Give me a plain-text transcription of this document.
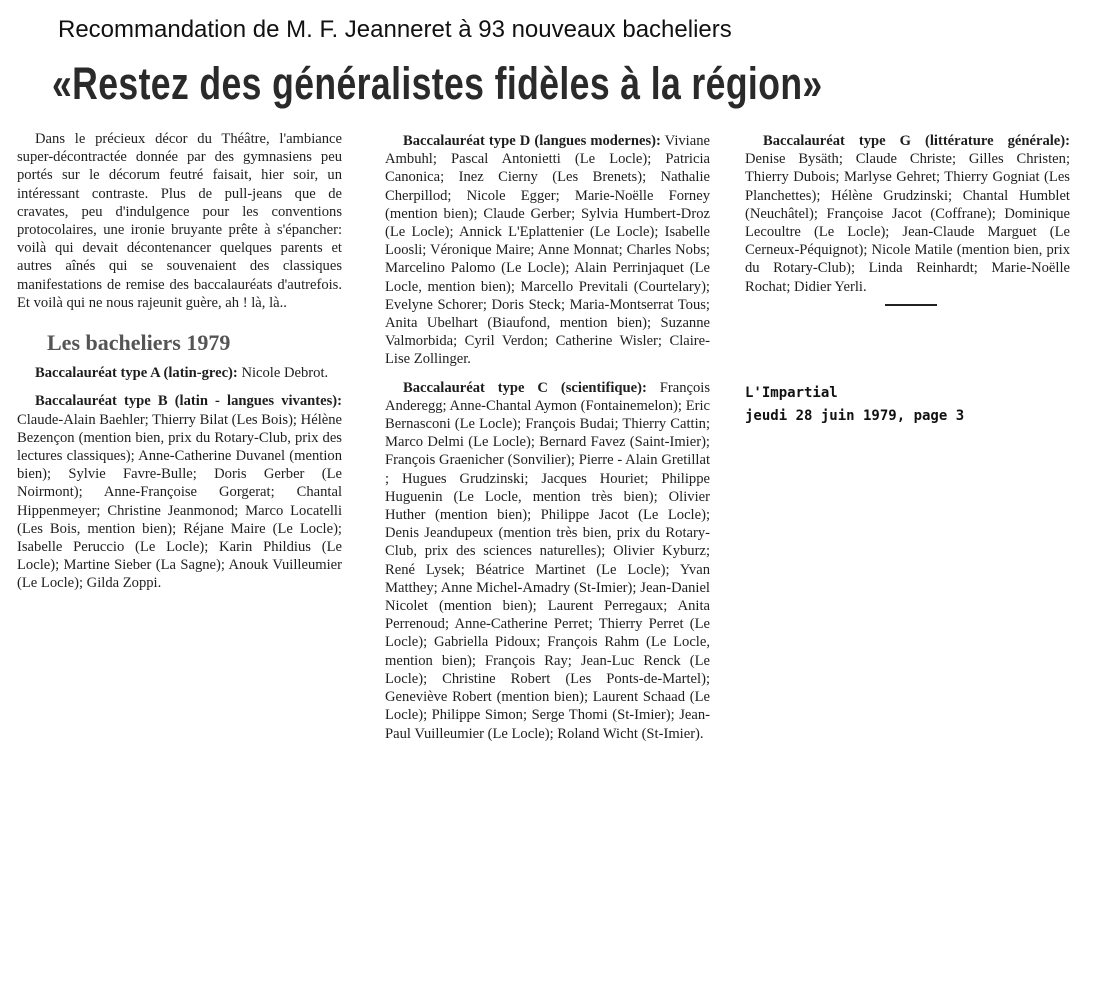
Recommandation de M. F. Jeanneret à 93 nouveaux bacheliers
«Restez des généralistes fidèles à la région»

Dans le précieux décor du Théâtre, l'ambiance super-décontractée donnée par des gymnasiens peu portés sur le décorum feutré faisait, hier soir, un intéressant contraste. Plus de pull-jeans que de cravates, peu d'indulgence pour les conventions protocolaires, une ironie bruyante prête à s'épancher: voilà qui devait décontenancer quelques parents et autres aînés qui se souvenaient des classiques manifestations de remise des baccalauréats d'autrefois. Et voilà qui ne nous rajeunit guère, ah ! là, là..

Les bacheliers 1979

Baccalauréat type A (latin-grec): Nicole Debrot.

Baccalauréat type B (latin - langues vivantes): Claude-Alain Baehler; Thierry Bilat (Les Bois); Hélène Bezençon (mention bien, prix du Rotary-Club, prix des lectures classiques); Anne-Catherine Duvanel (mention bien); Sylvie Favre-Bulle; Doris Gerber (Le Noirmont); Anne-Françoise Gorgerat; Chantal Hippenmeyer; Christine Jeanmonod; Marco Locatelli (Les Bois, mention bien); Réjane Maire (Le Locle); Isabelle Peruccio (Le Locle); Karin Phildius (Le Locle); Martine Sieber (La Sagne); Anouk Vuilleumier (Le Locle); Gilda Zoppi.

Baccalauréat type D (langues modernes): Viviane Ambuhl; Pascal Antonietti (Le Locle); Patricia Canonica; Inez Cierny (Les Brenets); Nathalie Cherpillod; Nicole Egger; Marie-Noëlle Forney (mention bien); Claude Gerber; Sylvia Humbert-Droz (Le Locle); Annick L'Eplattenier (Le Locle); Isabelle Loosli; Véronique Maire; Anne Monnat; Charles Nobs; Marcelino Palomo (Le Locle); Alain Perrinjaquet (Le Locle, mention bien); Marcello Previtali (Courtelary); Evelyne Schorer; Doris Steck; Maria-Montserrat Tous; Anita Ubelhart (Biaufond, mention bien); Suzanne Valmorbida; Cyril Verdon; Catherine Wisler; Claire-Lise Zollinger.

Baccalauréat type C (scientifique): François Anderegg; Anne-Chantal Aymon (Fontainemelon); Eric Bernasconi (Le Locle); François Budai; Thierry Cattin; Marco Delmi (Le Locle); Bernard Favez (Saint-Imier); François Graenicher (Sonvilier); Pierre - Alain Gretillat ; Hugues Grudzinski; Jacques Houriet; Philippe Huguenin (Le Locle, mention très bien); Olivier Huther (mention bien); Philippe Jacot (Le Locle); Denis Jeandupeux (mention très bien, prix du Rotary-Club, prix des sciences naturelles); Olivier Kyburz; René Lysek; Béatrice Martinet (Le Locle); Yvan Matthey; Anne Michel-Amadry (St-Imier); Jean-Daniel Nicolet (mention bien); Laurent Perregaux; Anita Perrenoud; Anne-Catherine Perret; Thierry Perret (Le Locle); Gabriella Pidoux; François Rahm (Le Locle, mention bien); François Ray; Jean-Luc Renck (Le Locle); Christine Robert (Les Ponts-de-Martel); Geneviève Robert (mention bien); Laurent Schaad (Le Locle); Philippe Simon; Serge Thomi (St-Imier); Jean-Paul Vuilleumier (Le Locle); Roland Wicht (St-Imier).

Baccalauréat type G (littérature générale): Denise Bysäth; Claude Christe; Gilles Christen; Thierry Dubois; Marlyse Gehret; Thierry Gogniat (Les Planchettes); Hélène Grudzinski; Chantal Humblet (Neuchâtel); Françoise Jacot (Coffrane); Dominique Lecoultre (Le Locle); Jean-Claude Marguet (Le Cerneux-Péquignot); Nicole Matile (mention bien, prix du Rotary-Club); Linda Reinhardt; Marie-Noëlle Rochat; Didier Yerli.

L'Impartial
jeudi 28 juin 1979, page 3
